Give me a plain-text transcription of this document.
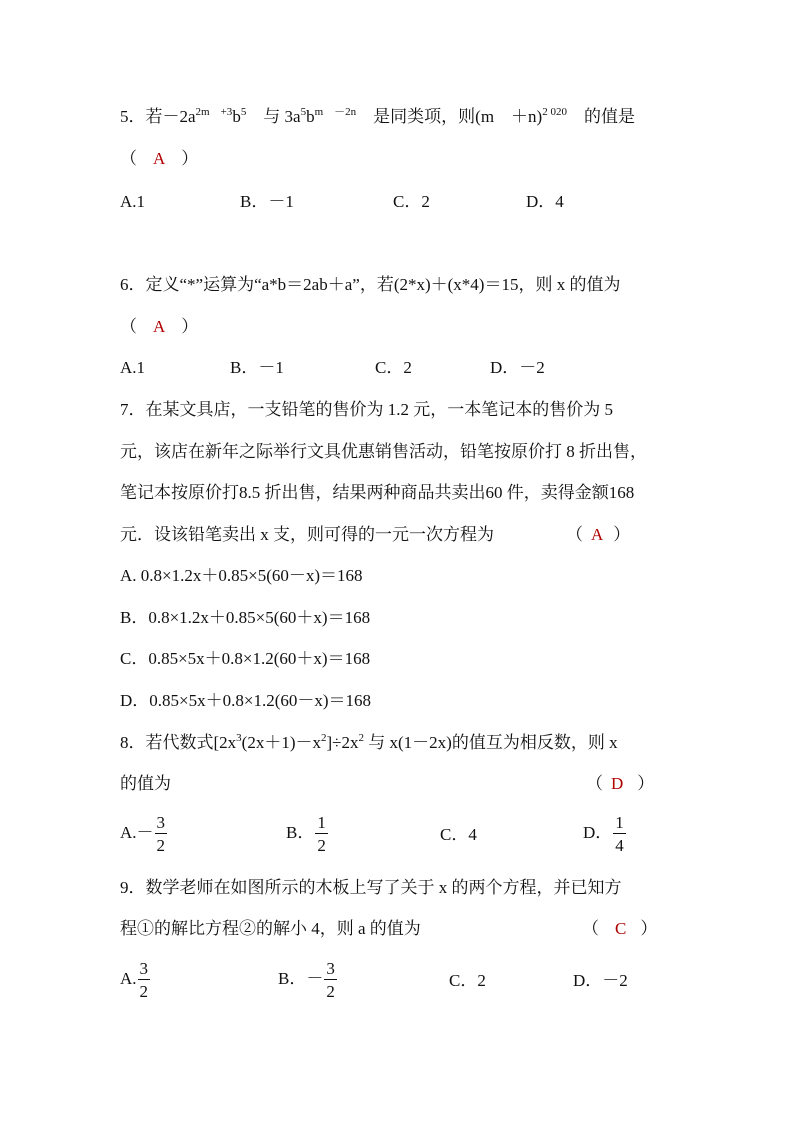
5．若$-2a^{2m +3}b^5$　与 $3a^5b^{m -2n}$　是同类项，则(m　＋n)$^{2 020}$　的值是
（ A ）
A.1	B．－1	C．2	D．4
6．定义“*”运算为“a*b＝2ab＋a”，若(2*x)＋(x*4)＝15，则 x 的值为
（ A ）
A.1	B．－1	C．2	D．－2
7．在某文具店，一支铅笔的售价为 1.2 元，一本笔记本的售价为 5
元，该店在新年之际举行文具优惠销售活动，铅笔按原价打 8 折出售，
笔记本按原价打8.5 折出售，结果两种商品共卖出60 件，卖得金额168
元．设该铅笔卖出 x 支，则可得的一元一次方程为	（ A ）
A. 0.8×1.2x＋0.85×5(60－x)＝168
B．0.8×1.2x＋0.85×5(60＋x)＝168
C．0.85×5x＋0.8×1.2(60＋x)＝168
D．0.85×5x＋0.8×1.2(60－x)＝168
8．若代数式$[2x^3(2x+1)-x^2]\div 2x^2$ 与 x(1－2x)的值互为相反数，则 x
的值为	（ D ）
$A.- \frac{3}{2}$	B． $\frac{1}{2}$	C．4	D． $\frac{1}{4}$
9．数学老师在如图所示的木板上写了关于 x 的两个方程，并已知方
程①的解比方程②的解小 4，则 a 的值为	（ C ）
A. $\frac{3}{2}$	B．－ $\frac{3}{2}$	C．2	D．－2
